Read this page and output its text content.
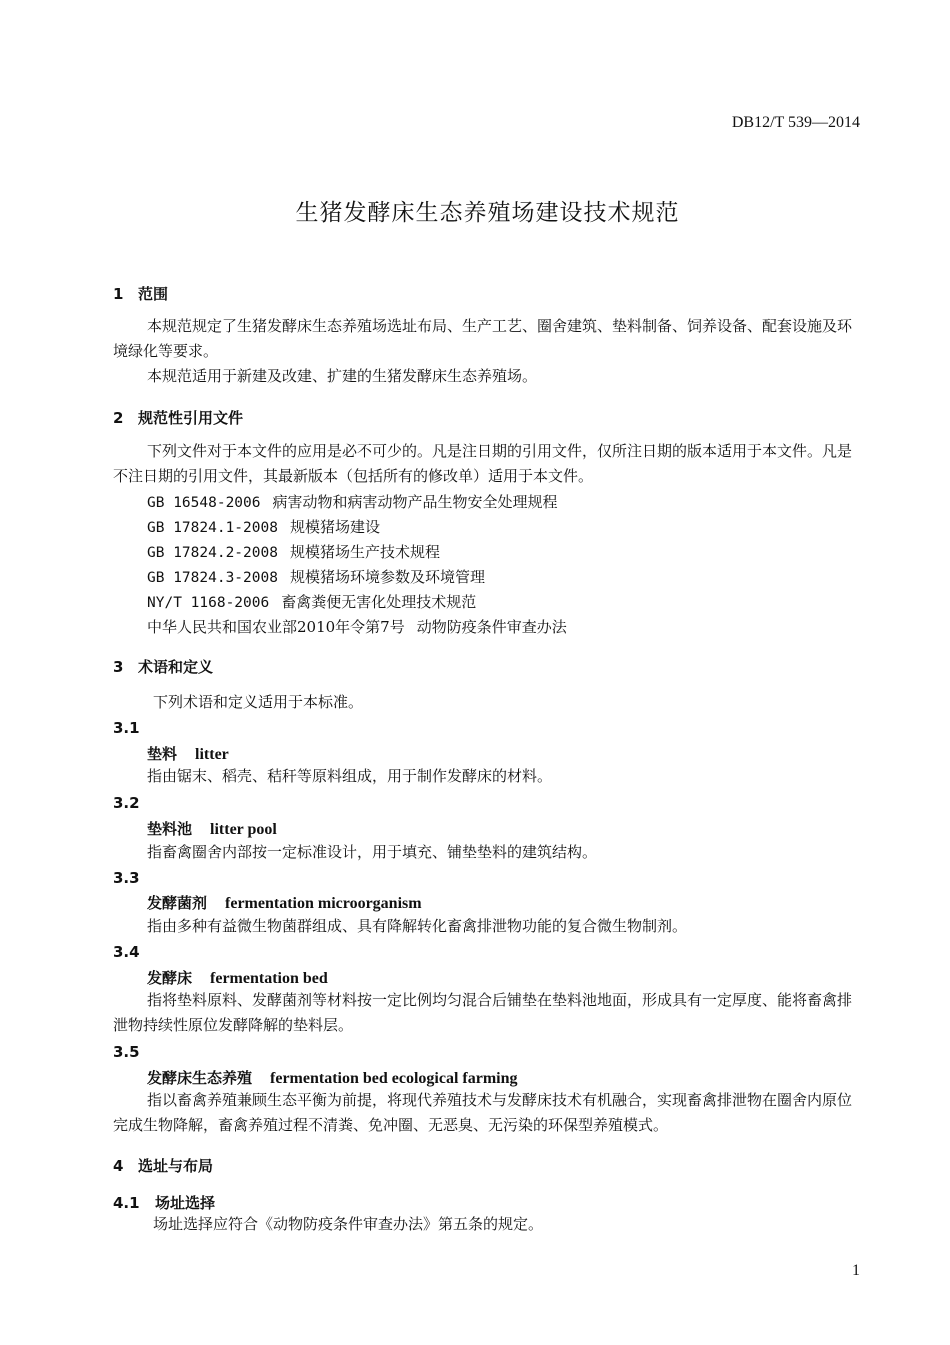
DB12/T 539—2014
生猪发酵床生态养殖场建设技术规范
1 范围
本规范规定了生猪发酵床生态养殖场选址布局、生产工艺、圈舍建筑、垫料制备、饲养设备、配套设施及环境绿化等要求。
本规范适用于新建及改建、扩建的生猪发酵床生态养殖场。
2 规范性引用文件
下列文件对于本文件的应用是必不可少的。凡是注日期的引用文件，仅所注日期的版本适用于本文件。凡是不注日期的引用文件，其最新版本（包括所有的修改单）适用于本文件。
GB 16548-2006 病害动物和病害动物产品生物安全处理规程
GB 17824.1-2008 规模猪场建设
GB 17824.2-2008 规模猪场生产技术规程
GB 17824.3-2008 规模猪场环境参数及环境管理
NY/T 1168-2006 畜禽粪便无害化处理技术规范
中华人民共和国农业部2010年令第7号 动物防疫条件审查办法
3 术语和定义
下列术语和定义适用于本标准。
3.1
垫料 litter
指由锯末、稻壳、秸秆等原料组成，用于制作发酵床的材料。
3.2
垫料池 litter pool
指畜禽圈舍内部按一定标准设计，用于填充、铺垫垫料的建筑结构。
3.3
发酵菌剂 fermentation microorganism
指由多种有益微生物菌群组成、具有降解转化畜禽排泄物功能的复合微生物制剂。
3.4
发酵床 fermentation bed
指将垫料原料、发酵菌剂等材料按一定比例均匀混合后铺垫在垫料池地面，形成具有一定厚度、能将畜禽排泄物持续性原位发酵降解的垫料层。
3.5
发酵床生态养殖 fermentation bed ecological farming
指以畜禽养殖兼顾生态平衡为前提，将现代养殖技术与发酵床技术有机融合，实现畜禽排泄物在圈舍内原位完成生物降解，畜禽养殖过程不清粪、免冲圈、无恶臭、无污染的环保型养殖模式。
4 选址与布局
4.1 场址选择
场址选择应符合《动物防疫条件审查办法》第五条的规定。
1
